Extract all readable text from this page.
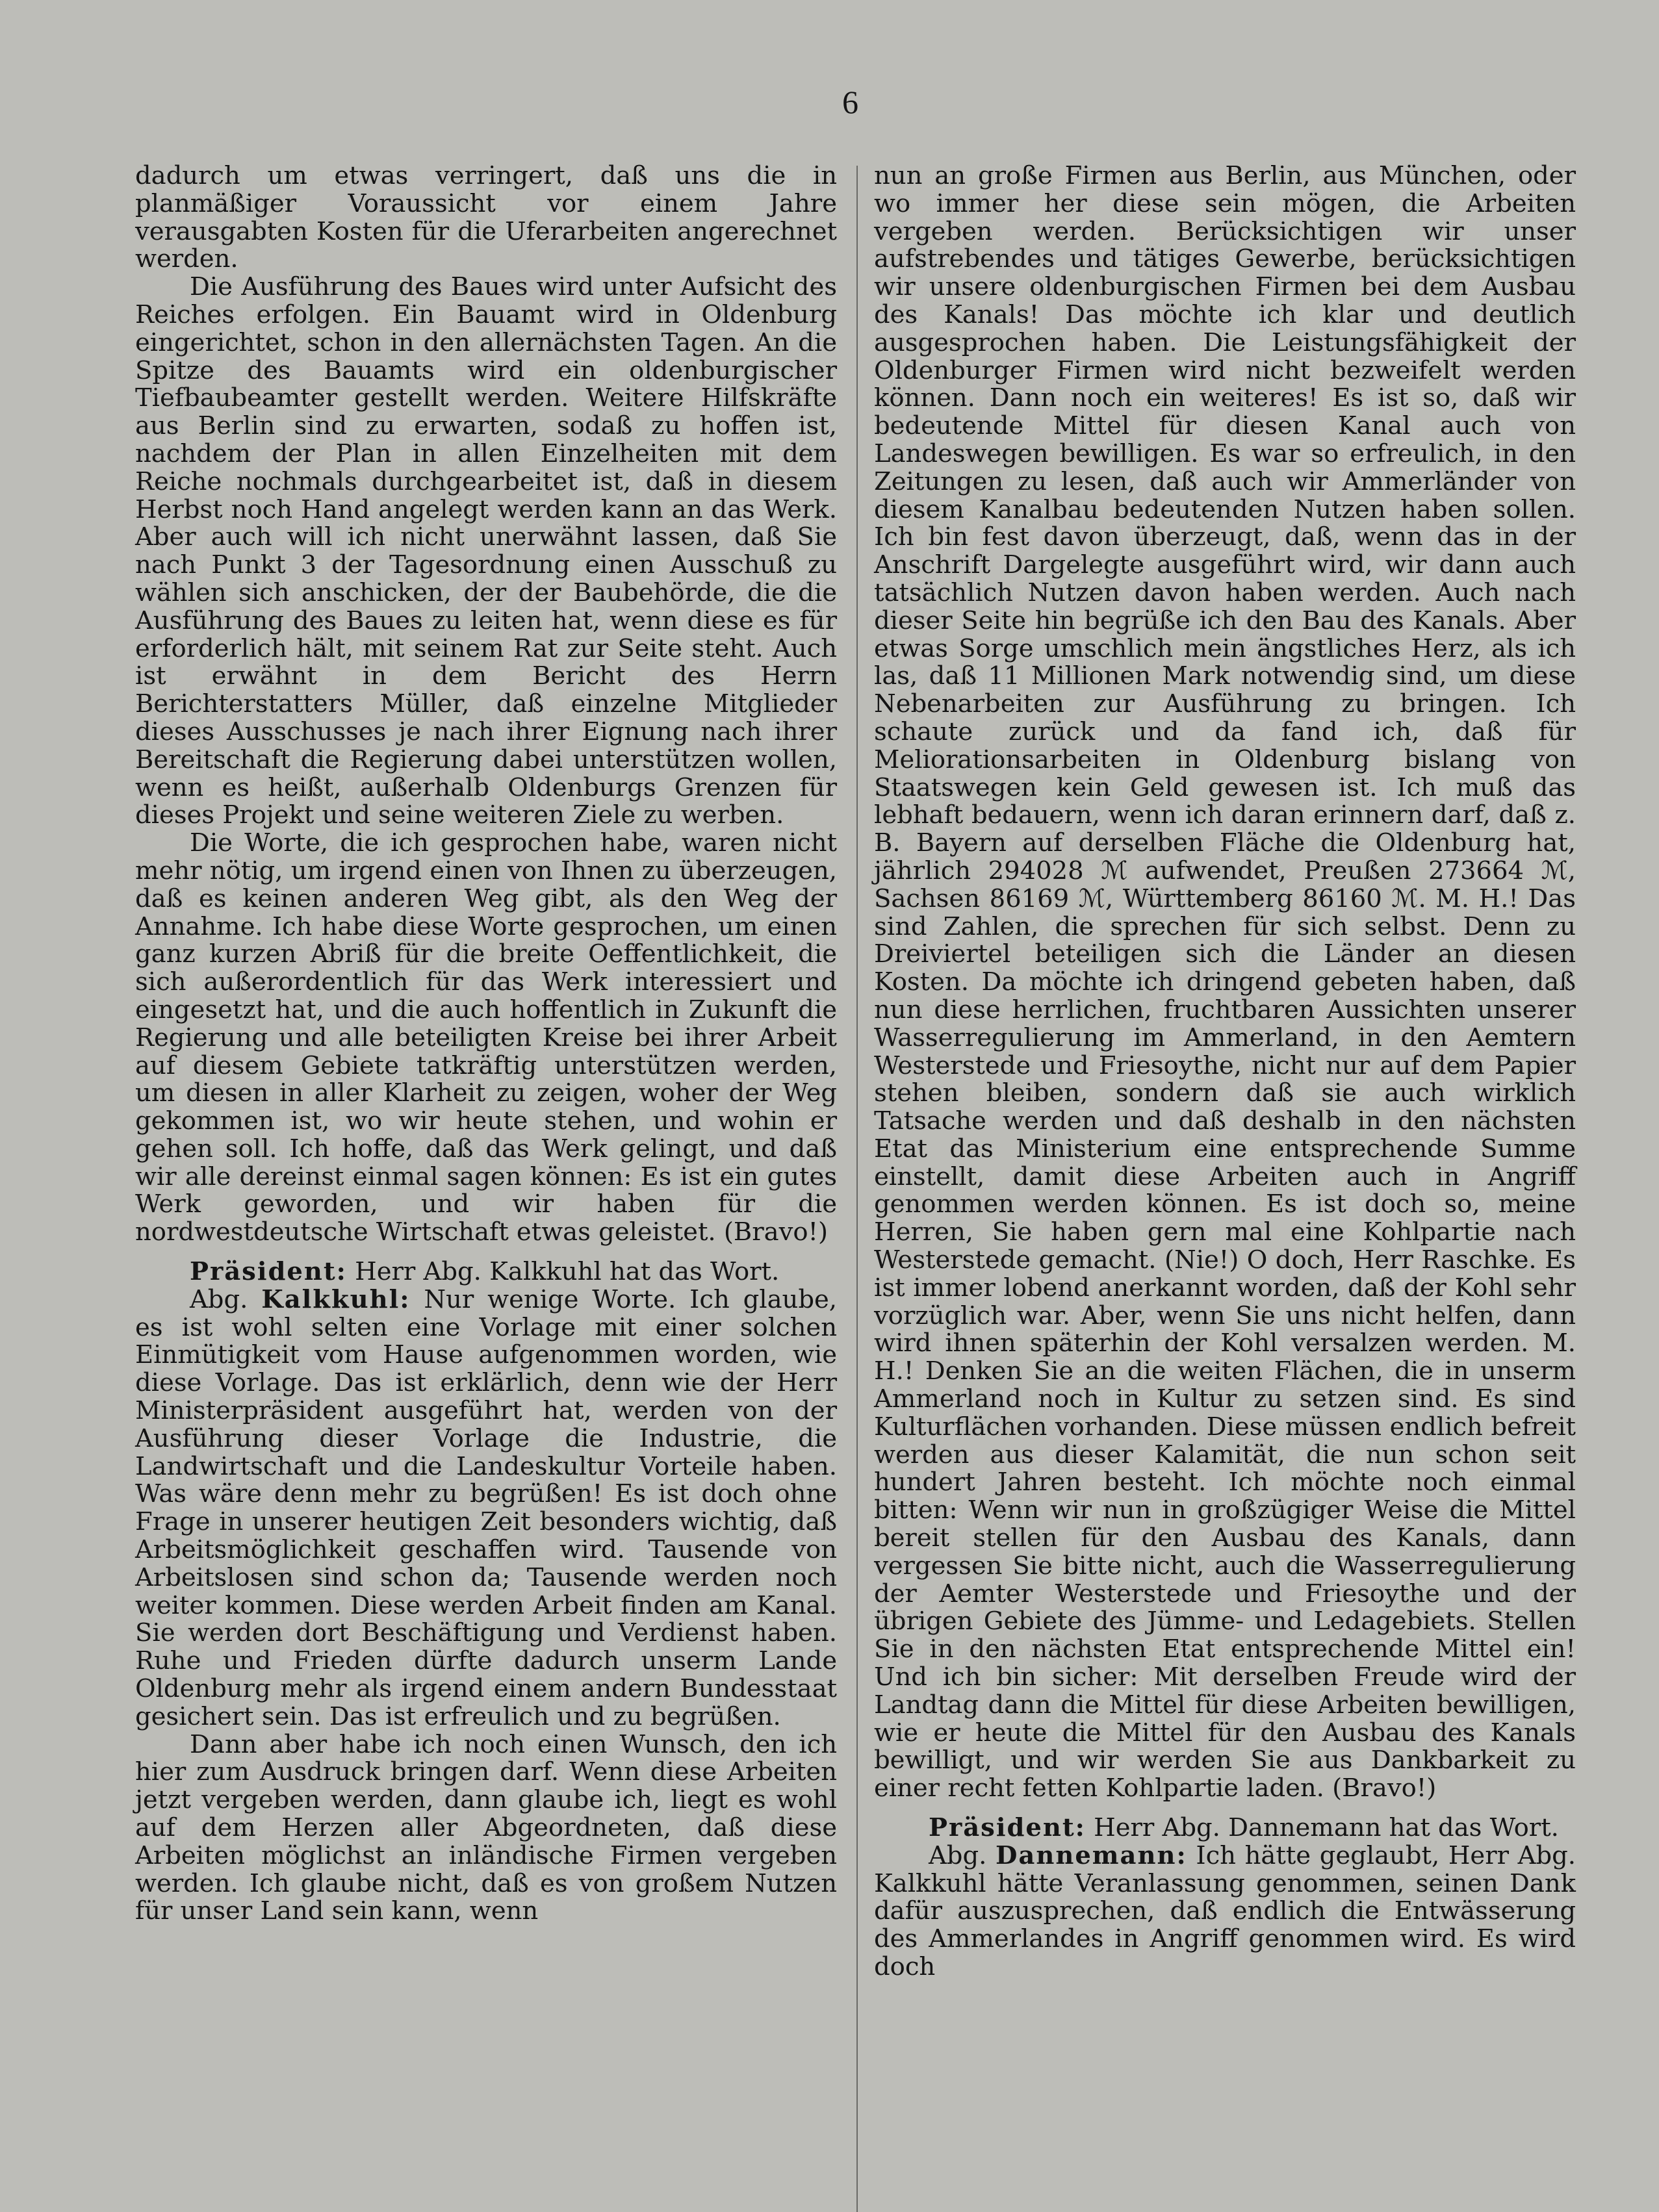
6

dadurch um etwas verringert, daß uns die in planmäßiger Voraussicht vor einem Jahre verausgabten Kosten für die Uferarbeiten angerechnet werden.

Die Ausführung des Baues wird unter Aufsicht des Reiches erfolgen. Ein Bauamt wird in Oldenburg eingerichtet, schon in den allernächsten Tagen. An die Spitze des Bauamts wird ein oldenburgischer Tiefbaubeamter gestellt werden. Weitere Hilfskräfte aus Berlin sind zu erwarten, sodaß zu hoffen ist, nachdem der Plan in allen Einzelheiten mit dem Reiche nochmals durchgearbeitet ist, daß in diesem Herbst noch Hand angelegt werden kann an das Werk. Aber auch will ich nicht unerwähnt lassen, daß Sie nach Punkt 3 der Tagesordnung einen Ausschuß zu wählen sich anschicken, der der Baubehörde, die die Ausführung des Baues zu leiten hat, wenn diese es für erforderlich hält, mit seinem Rat zur Seite steht. Auch ist erwähnt in dem Bericht des Herrn Berichterstatters Müller, daß einzelne Mitglieder dieses Ausschusses je nach ihrer Eignung nach ihrer Bereitschaft die Regierung dabei unterstützen wollen, wenn es heißt, außerhalb Oldenburgs Grenzen für dieses Projekt und seine weiteren Ziele zu werben.

Die Worte, die ich gesprochen habe, waren nicht mehr nötig, um irgend einen von Ihnen zu überzeugen, daß es keinen anderen Weg gibt, als den Weg der Annahme. Ich habe diese Worte gesprochen, um einen ganz kurzen Abriß für die breite Oeffentlichkeit, die sich außerordentlich für das Werk interessiert und eingesetzt hat, und die auch hoffentlich in Zukunft die Regierung und alle beteiligten Kreise bei ihrer Arbeit auf diesem Gebiete tatkräftig unterstützen werden, um diesen in aller Klarheit zu zeigen, woher der Weg gekommen ist, wo wir heute stehen, und wohin er gehen soll. Ich hoffe, daß das Werk gelingt, und daß wir alle dereinst einmal sagen können: Es ist ein gutes Werk geworden, und wir haben für die nordwestdeutsche Wirtschaft etwas geleistet. (Bravo!)

Präsident: Herr Abg. Kalkkuhl hat das Wort.

Abg. Kalkkuhl: Nur wenige Worte. Ich glaube, es ist wohl selten eine Vorlage mit einer solchen Einmütigkeit vom Hause aufgenommen worden, wie diese Vorlage. Das ist erklärlich, denn wie der Herr Ministerpräsident ausgeführt hat, werden von der Ausführung dieser Vorlage die Industrie, die Landwirtschaft und die Landeskultur Vorteile haben. Was wäre denn mehr zu begrüßen! Es ist doch ohne Frage in unserer heutigen Zeit besonders wichtig, daß Arbeitsmöglichkeit geschaffen wird. Tausende von Arbeitslosen sind schon da; Tausende werden noch weiter kommen. Diese werden Arbeit finden am Kanal. Sie werden dort Beschäftigung und Verdienst haben. Ruhe und Frieden dürfte dadurch unserm Lande Oldenburg mehr als irgend einem andern Bundesstaat gesichert sein. Das ist erfreulich und zu begrüßen.

Dann aber habe ich noch einen Wunsch, den ich hier zum Ausdruck bringen darf. Wenn diese Arbeiten jetzt vergeben werden, dann glaube ich, liegt es wohl auf dem Herzen aller Abgeordneten, daß diese Arbeiten möglichst an inländische Firmen vergeben werden. Ich glaube nicht, daß es von großem Nutzen für unser Land sein kann, wenn

nun an große Firmen aus Berlin, aus München, oder wo immer her diese sein mögen, die Arbeiten vergeben werden. Berücksichtigen wir unser aufstrebendes und tätiges Gewerbe, berücksichtigen wir unsere oldenburgischen Firmen bei dem Ausbau des Kanals! Das möchte ich klar und deutlich ausgesprochen haben. Die Leistungsfähigkeit der Oldenburger Firmen wird nicht bezweifelt werden können. Dann noch ein weiteres! Es ist so, daß wir bedeutende Mittel für diesen Kanal auch von Landeswegen bewilligen. Es war so erfreulich, in den Zeitungen zu lesen, daß auch wir Ammerländer von diesem Kanalbau bedeutenden Nutzen haben sollen. Ich bin fest davon überzeugt, daß, wenn das in der Anschrift Dargelegte ausgeführt wird, wir dann auch tatsächlich Nutzen davon haben werden. Auch nach dieser Seite hin begrüße ich den Bau des Kanals. Aber etwas Sorge umschlich mein ängstliches Herz, als ich las, daß 11 Millionen Mark notwendig sind, um diese Nebenarbeiten zur Ausführung zu bringen. Ich schaute zurück und da fand ich, daß für Meliorationsarbeiten in Oldenburg bislang von Staatswegen kein Geld gewesen ist. Ich muß das lebhaft bedauern, wenn ich daran erinnern darf, daß z. B. Bayern auf derselben Fläche die Oldenburg hat, jährlich 294028 ℳ aufwendet, Preußen 273664 ℳ, Sachsen 86169 ℳ, Württemberg 86160 ℳ. M. H.! Das sind Zahlen, die sprechen für sich selbst. Denn zu Dreiviertel beteiligen sich die Länder an diesen Kosten. Da möchte ich dringend gebeten haben, daß nun diese herrlichen, fruchtbaren Aussichten unserer Wasserregulierung im Ammerland, in den Aemtern Westerstede und Friesoythe, nicht nur auf dem Papier stehen bleiben, sondern daß sie auch wirklich Tatsache werden und daß deshalb in den nächsten Etat das Ministerium eine entsprechende Summe einstellt, damit diese Arbeiten auch in Angriff genommen werden können. Es ist doch so, meine Herren, Sie haben gern mal eine Kohlpartie nach Westerstede gemacht. (Nie!) O doch, Herr Raschke. Es ist immer lobend anerkannt worden, daß der Kohl sehr vorzüglich war. Aber, wenn Sie uns nicht helfen, dann wird ihnen späterhin der Kohl versalzen werden. M. H.! Denken Sie an die weiten Flächen, die in unserm Ammerland noch in Kultur zu setzen sind. Es sind Kulturflächen vorhanden. Diese müssen endlich befreit werden aus dieser Kalamität, die nun schon seit hundert Jahren besteht. Ich möchte noch einmal bitten: Wenn wir nun in großzügiger Weise die Mittel bereit stellen für den Ausbau des Kanals, dann vergessen Sie bitte nicht, auch die Wasserregulierung der Aemter Westerstede und Friesoythe und der übrigen Gebiete des Jümme- und Ledagebiets. Stellen Sie in den nächsten Etat entsprechende Mittel ein! Und ich bin sicher: Mit derselben Freude wird der Landtag dann die Mittel für diese Arbeiten bewilligen, wie er heute die Mittel für den Ausbau des Kanals bewilligt, und wir werden Sie aus Dankbarkeit zu einer recht fetten Kohlpartie laden. (Bravo!)

Präsident: Herr Abg. Dannemann hat das Wort.

Abg. Dannemann: Ich hätte geglaubt, Herr Abg. Kalkkuhl hätte Veranlassung genommen, seinen Dank dafür auszusprechen, daß endlich die Entwässerung des Ammerlandes in Angriff genommen wird. Es wird doch
